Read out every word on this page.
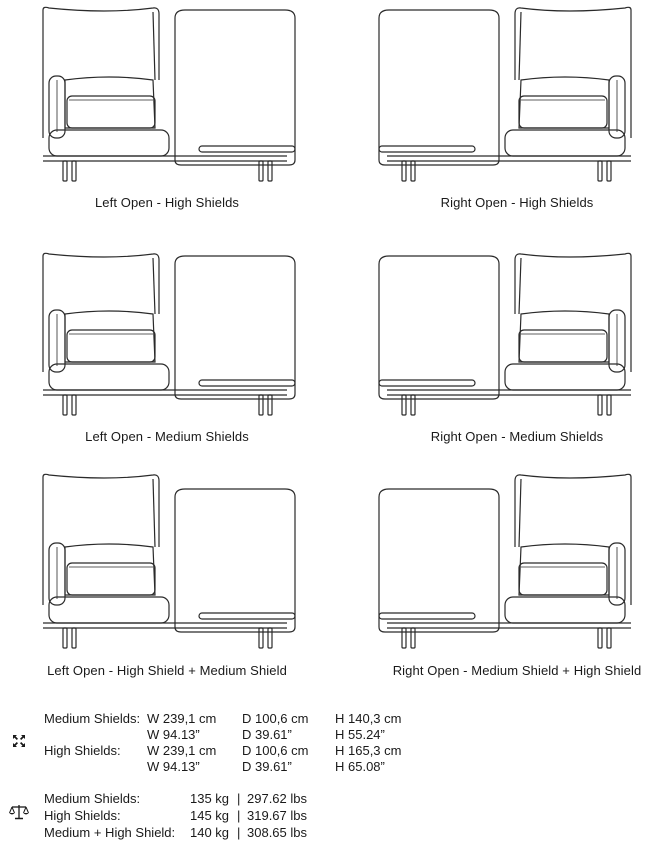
Left Open - High Shields	Right Open - High Shields
Left Open - Medium Shields	Right Open - Medium Shields
Left Open - High Shield + Medium Shield	Right Open - Medium Shield + High Shield
Medium Shields: W 239,1 cm D 100,6 cm H 140,3 cm
W 94.13”	D 39.61”	H 55.24”
High Shields: W 239,1 cm D 100,6 cm H 165,3 cm
W 94.13”	D 39.61”	H 65.08”
Medium Shields:	135 kg | 297.62 lbs
High Shields:	145 kg | 319.67 lbs
Medium + High Shield: 140 kg | 308.65 lbs
